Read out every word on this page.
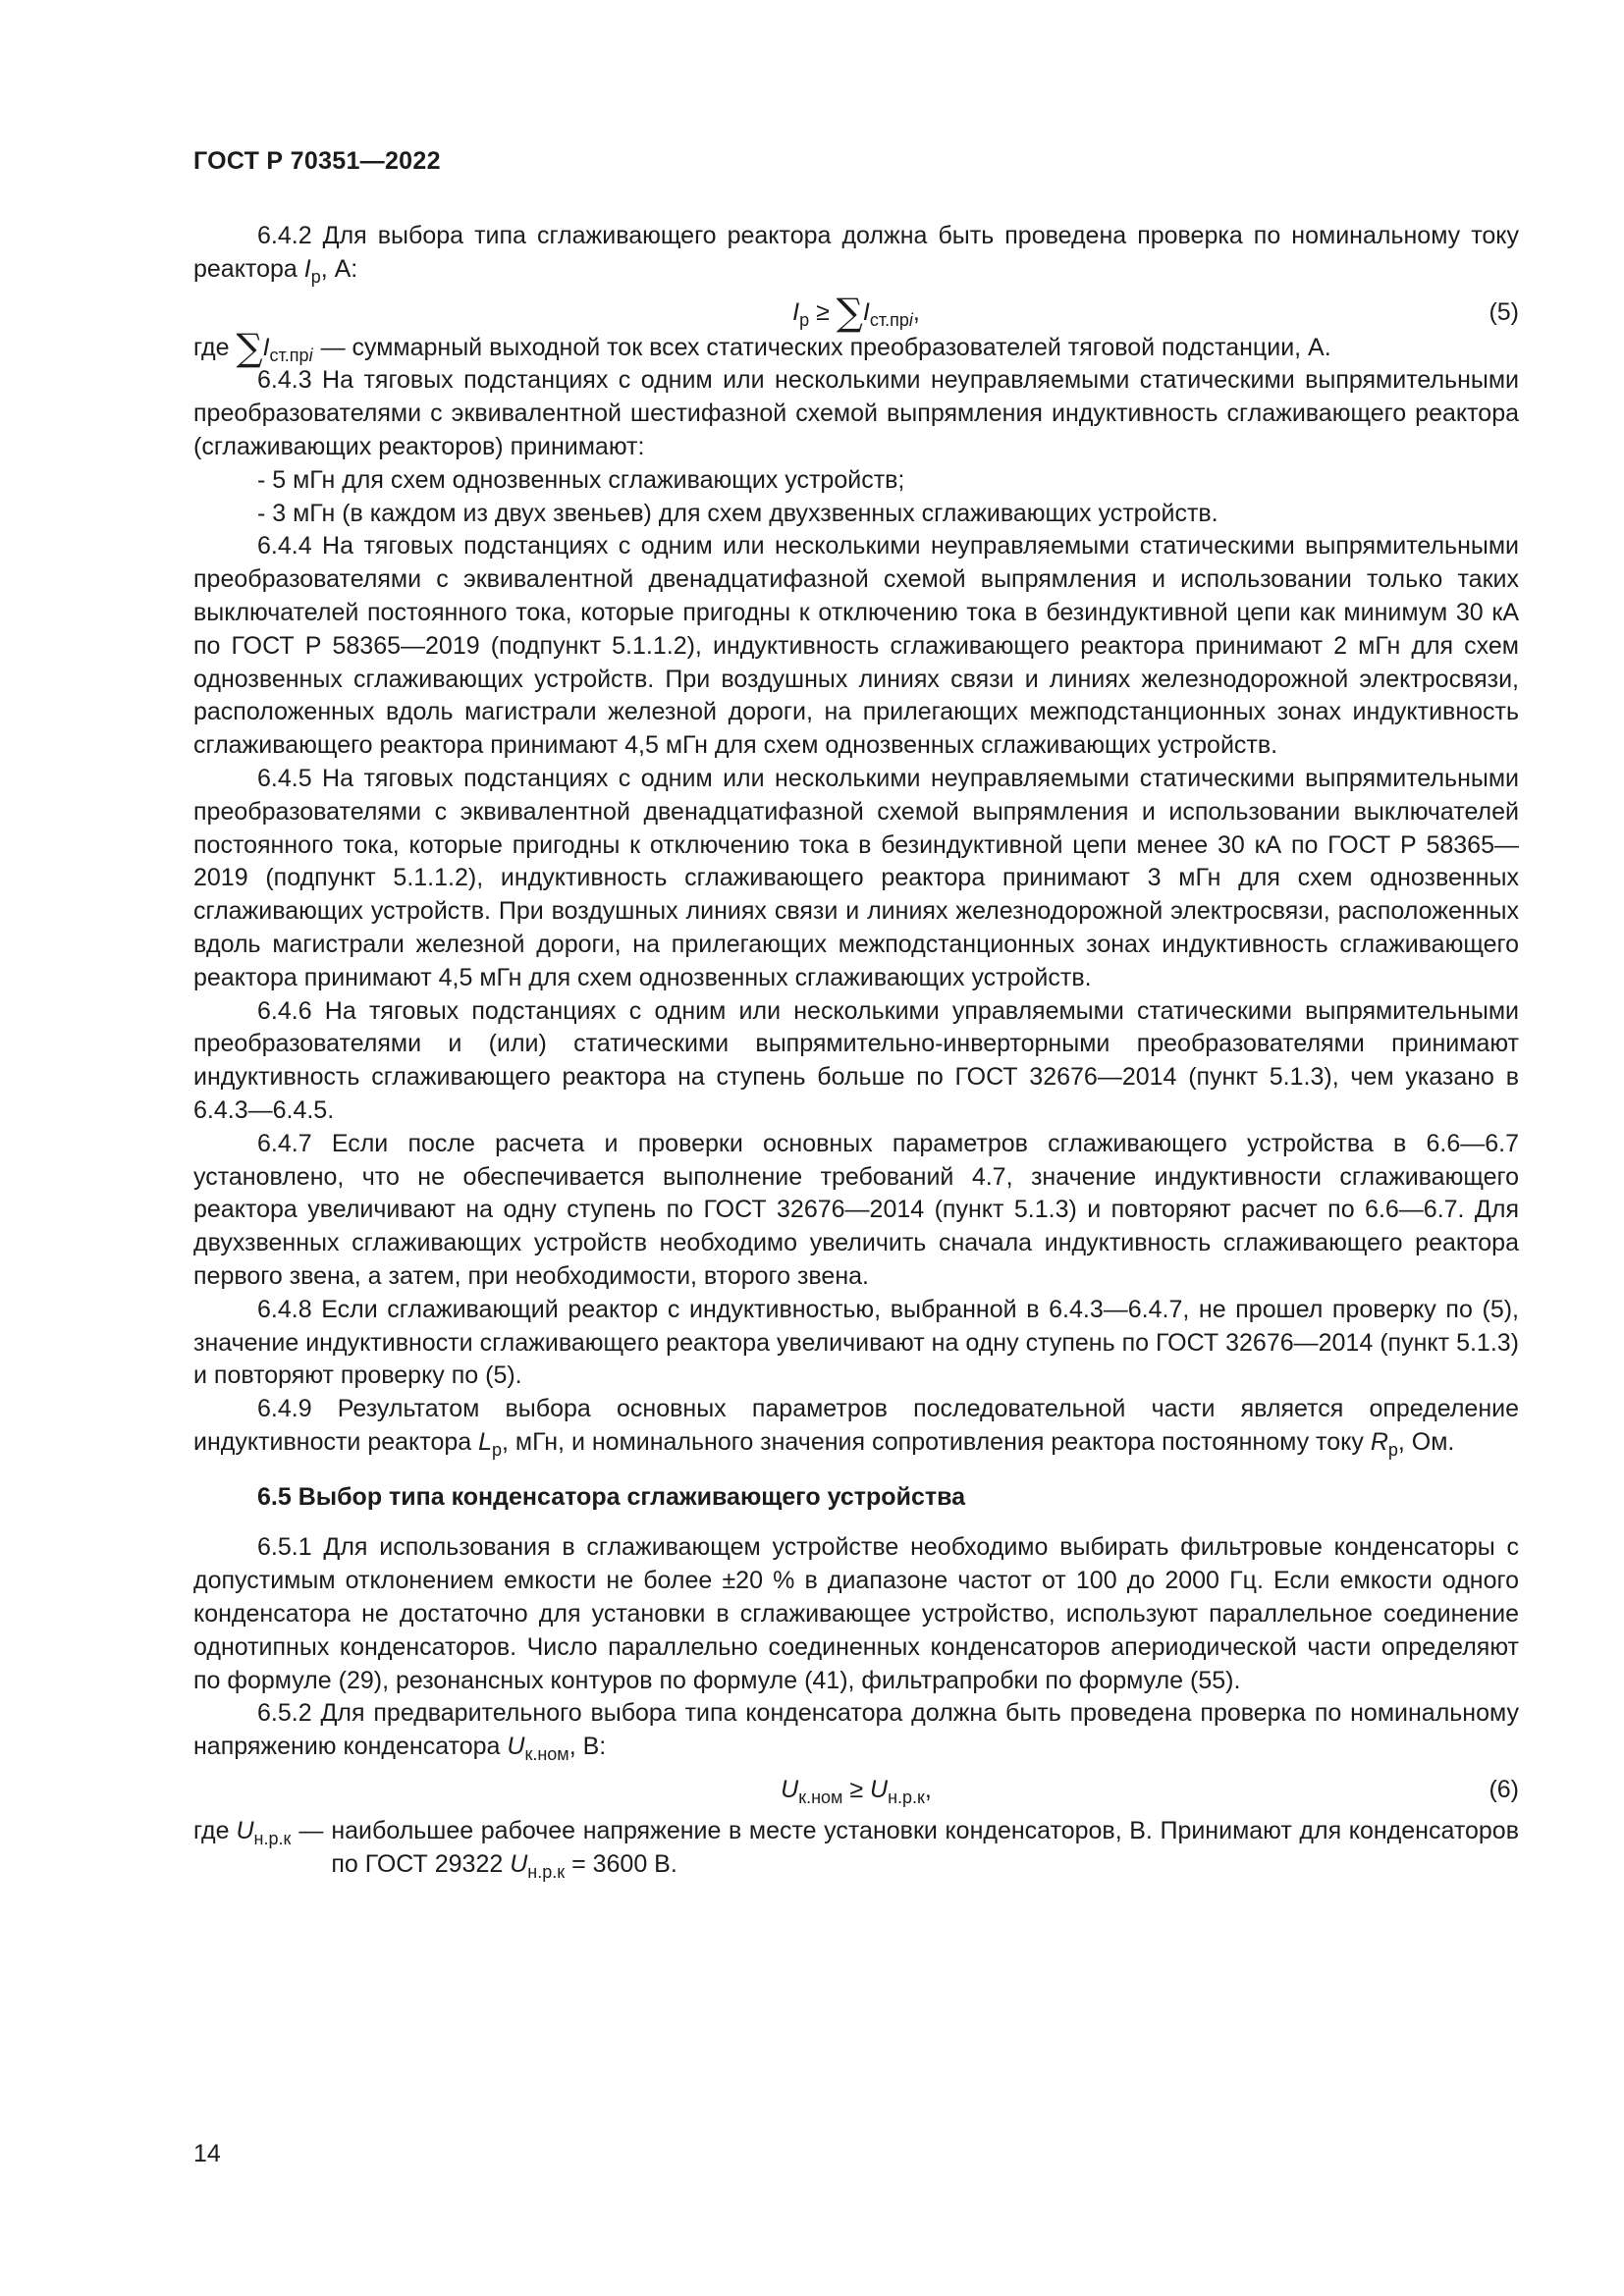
ГОСТ Р 70351—2022

6.4.2 Для выбора типа сглаживающего реактора должна быть проведена проверка по номинальному току реактора $I_р$, А:

$I_р \ge \sum I_{ст.прi}$,	(5)
где $\sum I_{ст.прi}$ — суммарный выходной ток всех статических преобразователей тяговой подстанции, А.

6.4.3 На тяговых подстанциях с одним или несколькими неуправляемыми статическими выпрямительными преобразователями с эквивалентной шестифазной схемой выпрямления индуктивность сглаживающего реактора (сглаживающих реакторов) принимают:

- 5 мГн для схем однозвенных сглаживающих устройств;

- 3 мГн (в каждом из двух звеньев) для схем двухзвенных сглаживающих устройств.

6.4.4 На тяговых подстанциях с одним или несколькими неуправляемыми статическими выпрямительными преобразователями с эквивалентной двенадцатифазной схемой выпрямления и использовании только таких выключателей постоянного тока, которые пригодны к отключению тока в безиндуктивной цепи как минимум 30 кА по ГОСТ Р 58365—2019 (подпункт 5.1.1.2), индуктивность сглаживающего реактора принимают 2 мГн для схем однозвенных сглаживающих устройств. При воздушных линиях связи и линиях железнодорожной электросвязи, расположенных вдоль магистрали железной дороги, на прилегающих межподстанционных зонах индуктивность сглаживающего реактора принимают 4,5 мГн для схем однозвенных сглаживающих устройств.

6.4.5 На тяговых подстанциях с одним или несколькими неуправляемыми статическими выпрямительными преобразователями с эквивалентной двенадцатифазной схемой выпрямления и использовании выключателей постоянного тока, которые пригодны к отключению тока в безиндуктивной цепи менее 30 кА по ГОСТ Р 58365—2019 (подпункт 5.1.1.2), индуктивность сглаживающего реактора принимают 3 мГн для схем однозвенных сглаживающих устройств. При воздушных линиях связи и линиях железнодорожной электросвязи, расположенных вдоль магистрали железной дороги, на прилегающих межподстанционных зонах индуктивность сглаживающего реактора принимают 4,5 мГн для схем однозвенных сглаживающих устройств.

6.4.6 На тяговых подстанциях с одним или несколькими управляемыми статическими выпрямительными преобразователями и (или) статическими выпрямительно-инверторными преобразователями принимают индуктивность сглаживающего реактора на ступень больше по ГОСТ 32676—2014 (пункт 5.1.3), чем указано в 6.4.3—6.4.5.

6.4.7 Если после расчета и проверки основных параметров сглаживающего устройства в 6.6—6.7 установлено, что не обеспечивается выполнение требований 4.7, значение индуктивности сглаживающего реактора увеличивают на одну ступень по ГОСТ 32676—2014 (пункт 5.1.3) и повторяют расчет по 6.6—6.7. Для двухзвенных сглаживающих устройств необходимо увеличить сначала индуктивность сглаживающего реактора первого звена, а затем, при необходимости, второго звена.

6.4.8 Если сглаживающий реактор с индуктивностью, выбранной в 6.4.3—6.4.7, не прошел проверку по (5), значение индуктивности сглаживающего реактора увеличивают на одну ступень по ГОСТ 32676—2014 (пункт 5.1.3) и повторяют проверку по (5).

6.4.9 Результатом выбора основных параметров последовательной части является определение индуктивности реактора $L_р$, мГн, и номинального значения сопротивления реактора постоянному току $R_р$, Ом.

6.5 Выбор типа конденсатора сглаживающего устройства

6.5.1 Для использования в сглаживающем устройстве необходимо выбирать фильтровые конденсаторы с допустимым отклонением емкости не более ±20 % в диапазоне частот от 100 до 2000 Гц. Если емкости одного конденсатора не достаточно для установки в сглаживающее устройство, используют параллельное соединение однотипных конденсаторов. Число параллельно соединенных конденсаторов апериодической части определяют по формуле (29), резонансных контуров по формуле (41), фильтрапробки по формуле (55).

6.5.2 Для предварительного выбора типа конденсатора должна быть проведена проверка по номинальному напряжению конденсатора $U_{к.ном}$, В:

$U_{к.ном} \ge U_{н.р.к}$,	(6)
где $U_{н.р.к}$ — наибольшее рабочее напряжение в месте установки конденсаторов, В. Принимают для конденсаторов по ГОСТ 29322 $U_{н.р.к} = 3600$ В.
14
